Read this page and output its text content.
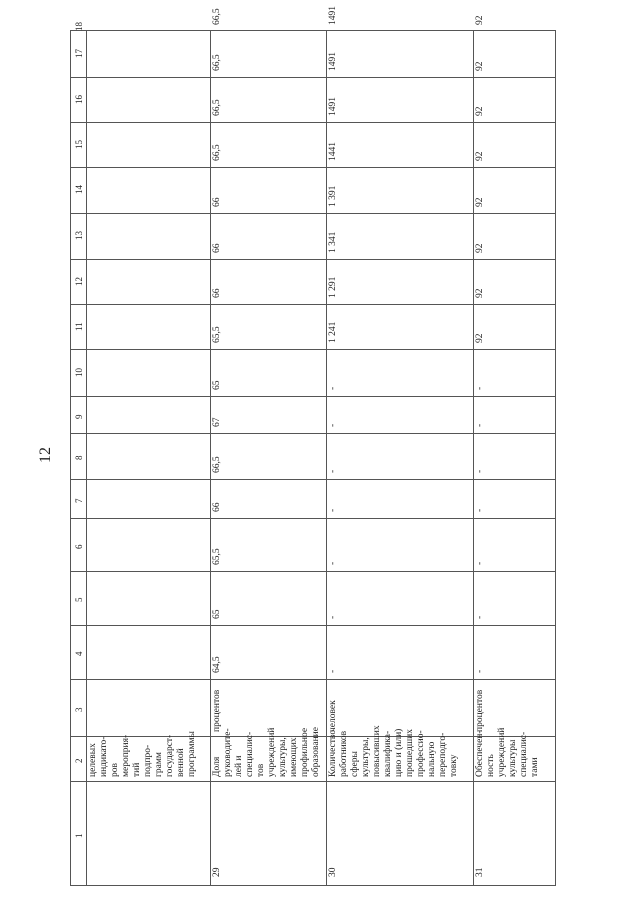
12
1
2
3
4
5
6
7
8
9
10
11
12
13
14
15
16
17
18
целевых
индикато-
ров
мероприя-
тий
подпро-
грамм
государст-
венной
программы
29
Доля
руководите-
лей и
специалис-
тов
учреждений
культуры,
имеющих
профильное
образование
процентов
64,5
65
65,5
66
66,5
67
65
65,5
66
66
66
66,5
66,5
66,5
66,5
30
Количество
работников
сферы
культуры,
повысивших
квалифика-
цию и (или)
прошедших
профессио-
нальную
переподго-
товку
человек
-
-
-
-
-
-
-
1 241
1 291
1 341
1 391
1441
1491
1491
1491
31
Обеспечен-
ность
учреждений
культуры
специалис-
тами
процентов
-
-
-
-
-
-
-
92
92
92
92
92
92
92
92
